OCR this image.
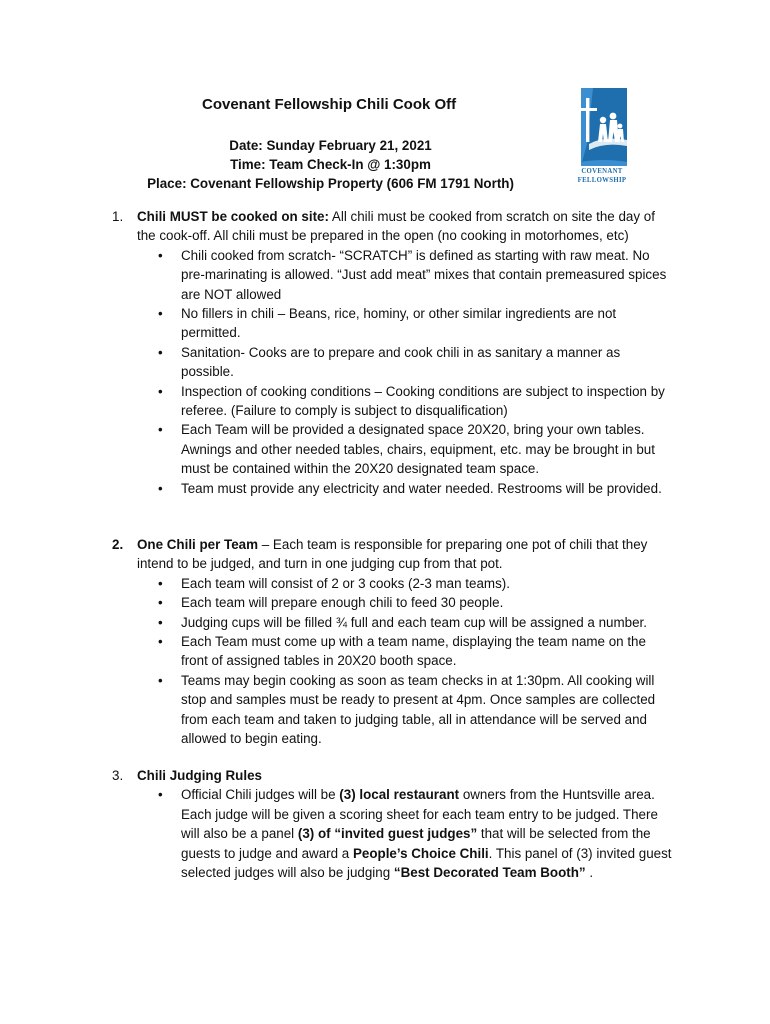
Covenant Fellowship Chili Cook Off
Date: Sunday February 21, 2021
Time: Team Check-In @ 1:30pm
Place: Covenant Fellowship Property (606 FM 1791 North)
COVENANT
FELLOWSHIP
1.	Chili MUST be cooked on site: All chili must be cooked from scratch on site the day of
the cook-off. All chili must be prepared in the open (no cooking in motorhomes, etc)
• Chili cooked from scratch- “SCRATCH” is defined as starting with raw meat. No pre-marinating is allowed. “Just add meat” mixes that contain premeasured spices are NOT allowed
• No fillers in chili – Beans, rice, hominy, or other similar ingredients are not permitted.
• Sanitation- Cooks are to prepare and cook chili in as sanitary a manner as possible.
• Inspection of cooking conditions – Cooking conditions are subject to inspection by referee. (Failure to comply is subject to disqualification)
• Each Team will be provided a designated space 20X20, bring your own tables. Awnings and other needed tables, chairs, equipment, etc. may be brought in but must be contained within the 20X20 designated team space.
• Team must provide any electricity and water needed. Restrooms will be provided.
2.	One Chili per Team – Each team is responsible for preparing one pot of chili that they
intend to be judged, and turn in one judging cup from that pot.
• Each team will consist of 2 or 3 cooks (2-3 man teams).
• Each team will prepare enough chili to feed 30 people.
• Judging cups will be filled ¾ full and each team cup will be assigned a number.
• Each Team must come up with a team name, displaying the team name on the front of assigned tables in 20X20 booth space.
• Teams may begin cooking as soon as team checks in at 1:30pm. All cooking will stop and samples must be ready to present at 4pm. Once samples are collected from each team and taken to judging table, all in attendance will be served and allowed to begin eating.
3.	Chili Judging Rules
• Official Chili judges will be (3) local restaurant owners from the Huntsville area. Each judge will be given a scoring sheet for each team entry to be judged. There will also be a panel (3) of “invited guest judges” that will be selected from the guests to judge and award a People’s Choice Chili. This panel of (3) invited guest selected judges will also be judging “Best Decorated Team Booth” .
